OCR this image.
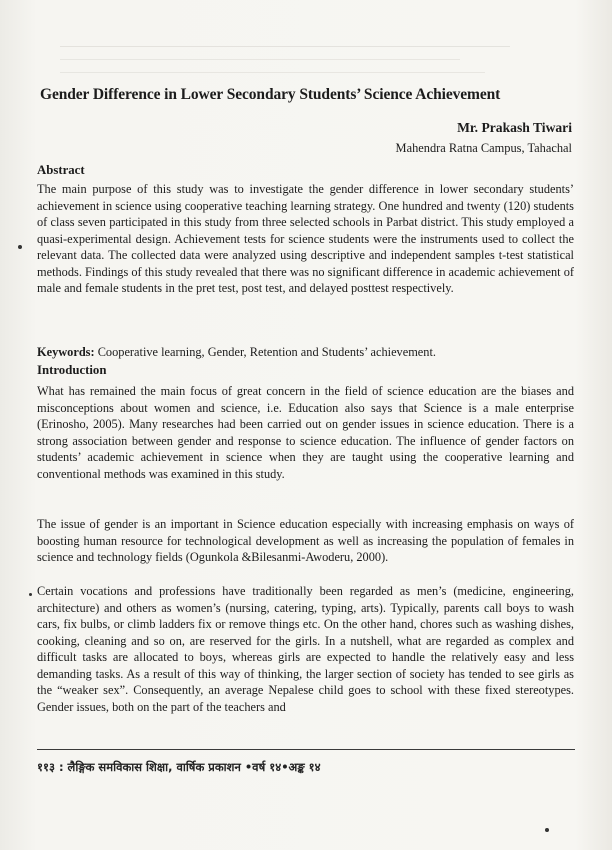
Gender Difference in Lower Secondary Students’ Science Achievement
Mr. Prakash Tiwari
Mahendra Ratna Campus, Tahachal
Abstract
The main purpose of this study was to investigate the gender difference in lower secondary students’ achievement in science using cooperative teaching learning strategy. One hundred and twenty (120) students of class seven participated in this study from three selected schools in Parbat district. This study employed a quasi-experimental design. Achievement tests for science students were the instruments used to collect the relevant data. The collected data were analyzed using descriptive and independent samples t-test statistical methods. Findings of this study revealed that there was no significant difference in academic achievement of male and female students in the pret test, post test, and delayed posttest respectively.
Keywords: Cooperative learning, Gender, Retention and Students’ achievement.
Introduction
What has remained the main focus of great concern in the field of science education are the biases and misconceptions about women and science, i.e. Education also says that Science is a male enterprise (Erinosho, 2005). Many researches had been carried out on gender issues in science education. There is a strong association between gender and response to science education. The influence of gender factors on students’ academic achievement in science when they are taught using the cooperative learning and conventional methods was examined in this study.
The issue of gender is an important in Science education especially with increasing emphasis on ways of boosting human resource for technological development as well as increasing the population of females in science and technology fields (Ogunkola &Bilesanmi-Awoderu, 2000).
Certain vocations and professions have traditionally been regarded as men’s (medicine, engineering, architecture) and others as women’s (nursing, catering, typing, arts). Typically, parents call boys to wash cars, fix bulbs, or climb ladders fix or remove things etc. On the other hand, chores such as washing dishes, cooking, cleaning and so on, are reserved for the girls. In a nutshell, what are regarded as complex and difficult tasks are allocated to boys, whereas girls are expected to handle the relatively easy and less demanding tasks. As a result of this way of thinking, the larger section of society has tended to see girls as the “weaker sex”. Consequently, an average Nepalese child goes to school with these fixed stereotypes. Gender issues, both on the part of the teachers and
११३ : लैङ्गिक समविकास शिक्षा, वार्षिक प्रकाशन •वर्ष १४•अङ्क १४
